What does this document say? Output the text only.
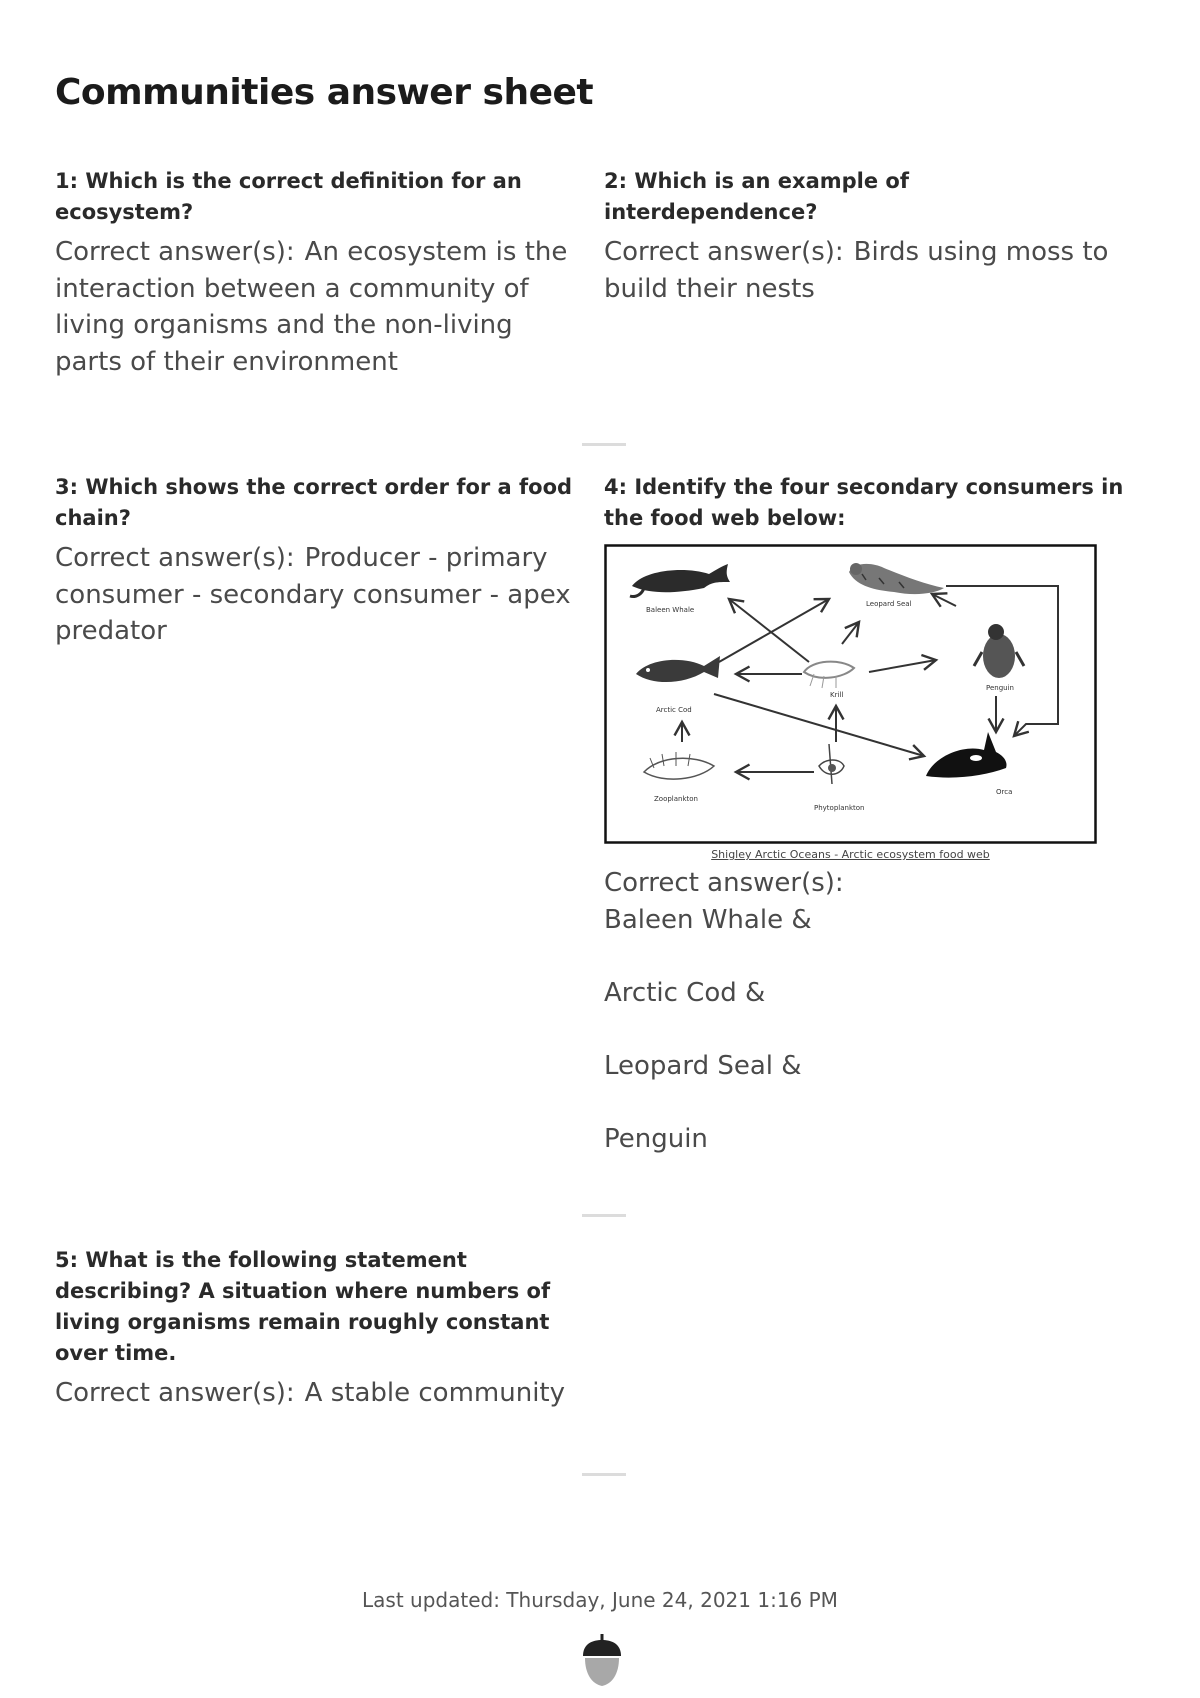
Communities answer sheet

1: Which is the correct definition for an ecosystem?

Correct answer(s): An ecosystem is the interaction between a community of living organisms and the non-living parts of their environment

2: Which is an example of interdependence?

Correct answer(s): Birds using moss to build their nests

3: Which shows the correct order for a food chain?

Correct answer(s): Producer - primary consumer - secondary consumer - apex predator

4: Identify the four secondary consumers in the food web below:

Baleen Whale
Leopard Seal
Penguin
Arctic Cod
Krill
Zooplankton
Phytoplankton
Orca
Shigley Arctic Oceans - Arctic ecosystem food web
Correct answer(s):
Baleen Whale &
Arctic Cod &
Leopard Seal &
Penguin

5: What is the following statement describing? A situation where numbers of living organisms remain roughly constant over time.

Correct answer(s): A stable community

Last updated: Thursday, June 24, 2021 1:16 PM
